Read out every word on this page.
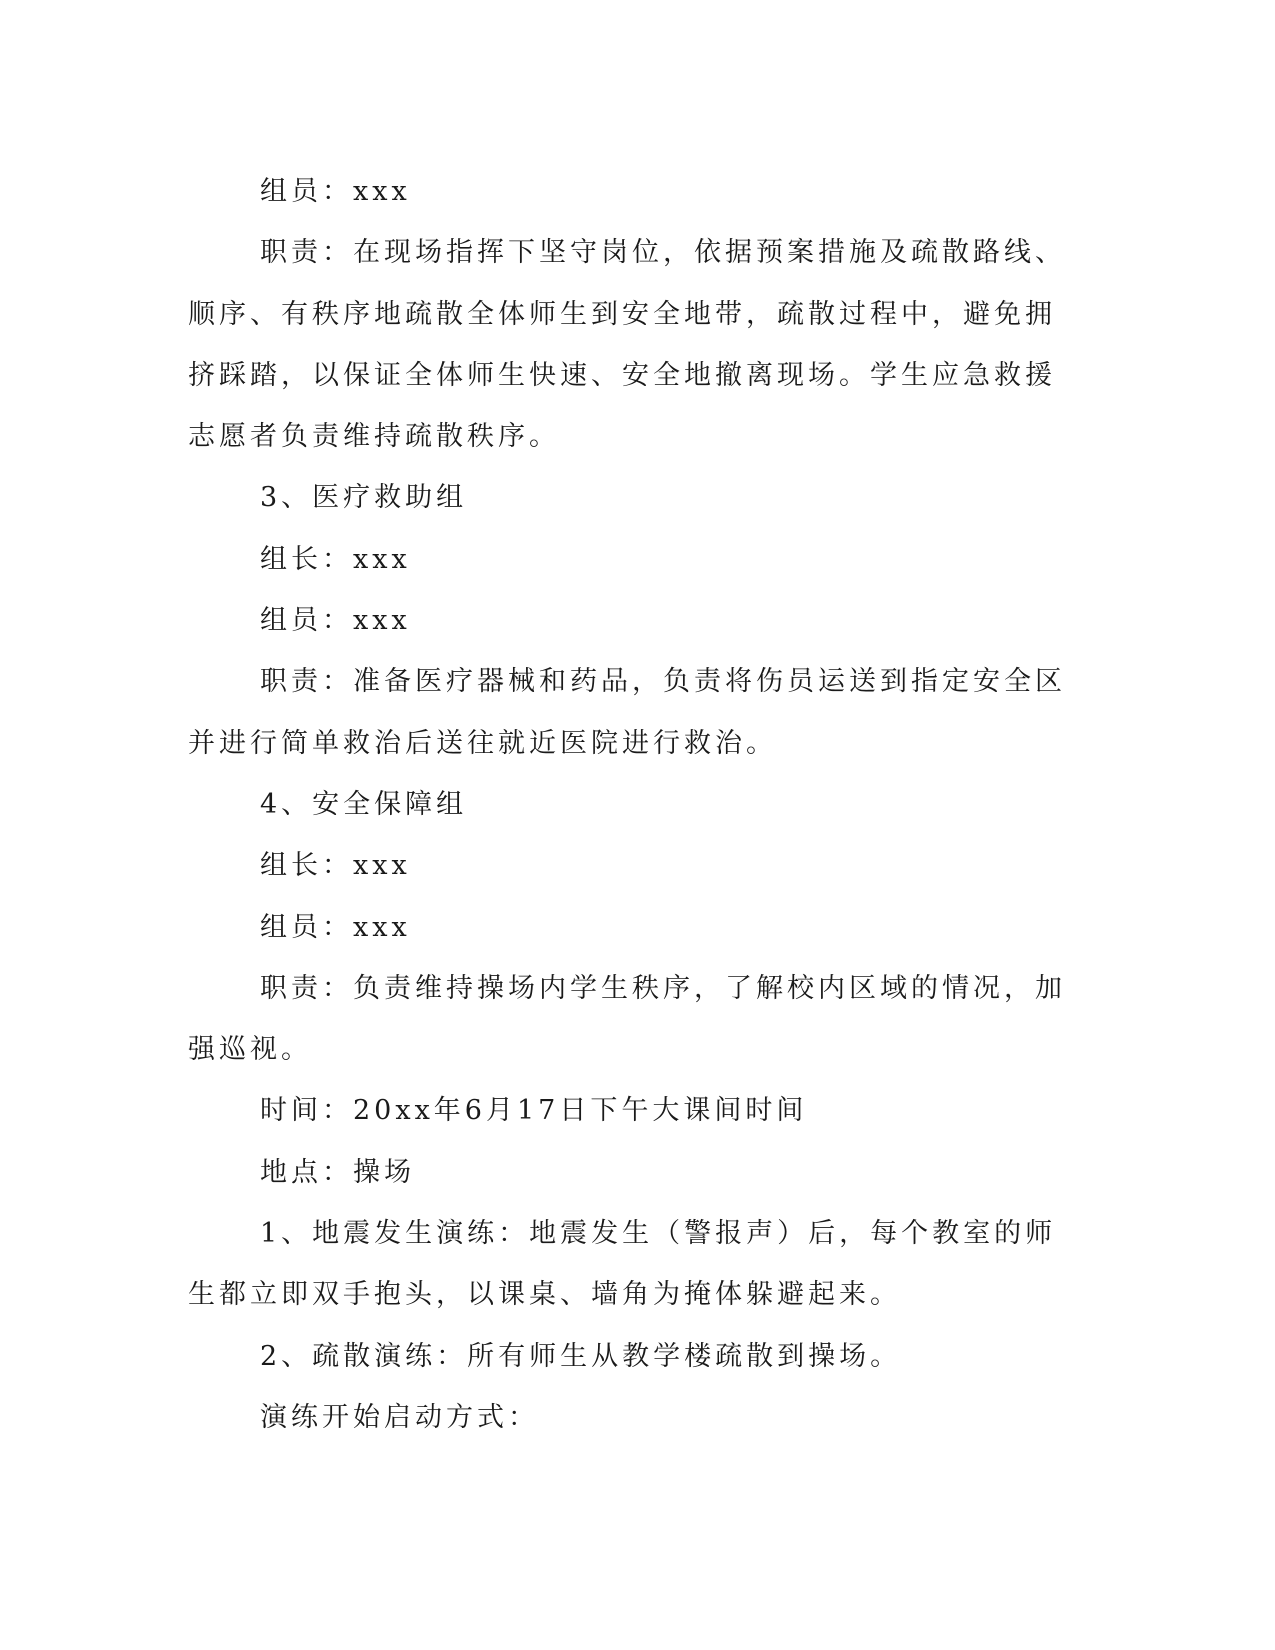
组员：xxx

职责：在现场指挥下坚守岗位，依据预案措施及疏散路线、顺序、有秩序地疏散全体师生到安全地带，疏散过程中，避免拥挤踩踏，以保证全体师生快速、安全地撤离现场。学生应急救援志愿者负责维持疏散秩序。

3、医疗救助组

组长：xxx

组员：xxx

职责：准备医疗器械和药品，负责将伤员运送到指定安全区并进行简单救治后送往就近医院进行救治。

4、安全保障组

组长：xxx

组员：xxx

职责：负责维持操场内学生秩序，了解校内区域的情况，加强巡视。

时间：20xx年6月17日下午大课间时间

地点：操场

1、地震发生演练：地震发生（警报声）后，每个教室的师生都立即双手抱头，以课桌、墙角为掩体躲避起来。

2、疏散演练：所有师生从教学楼疏散到操场。

演练开始启动方式：
